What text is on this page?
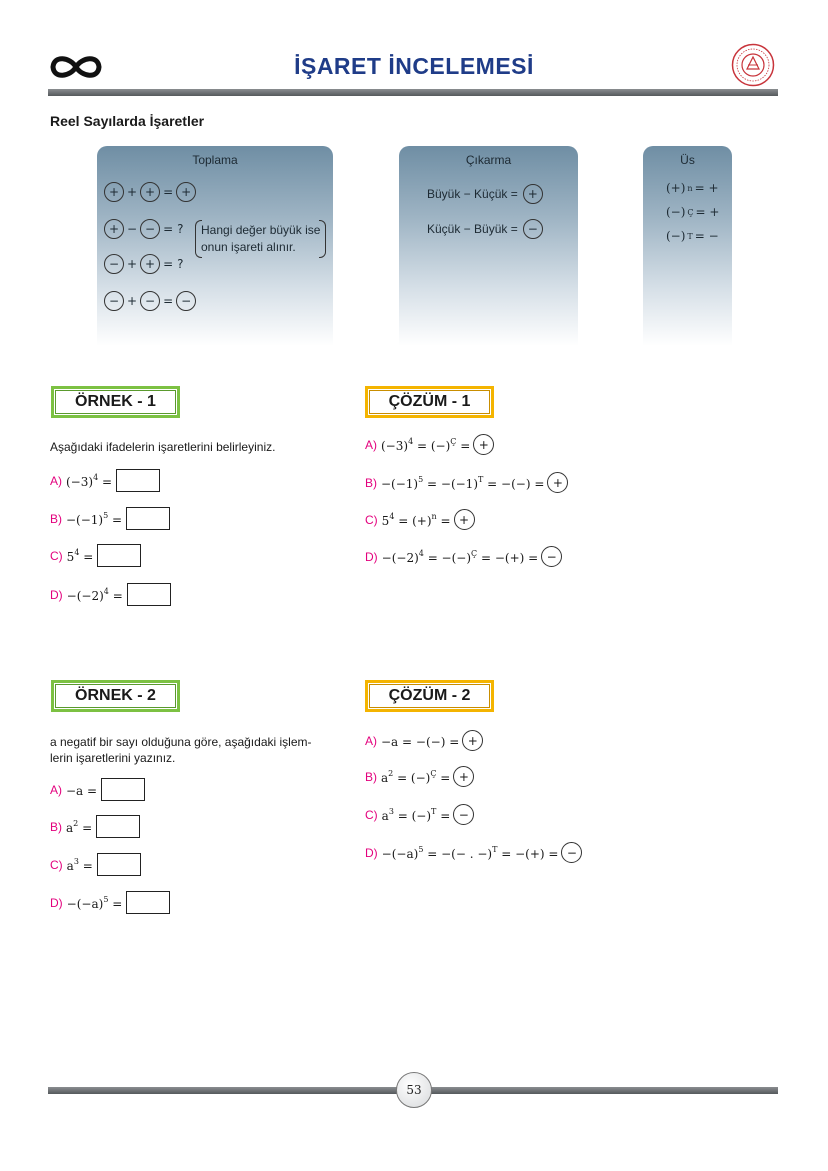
İŞARET İNCELEMESİ
Reel Sayılarda İşaretler
Toplama
+ + + = +
+ − − = ?
− + + = ?
− + − = −
Hangi değer büyük ise
onun işareti alınır.
Çıkarma
Büyük − Küçük = +
Küçük − Büyük = −
Üs
(+) n = +
(−) Ç = +
(−) T = −
ÖRNEK - 1
Aşağıdaki ifadelerin işaretlerini belirleyiniz.
A) $(-3)^4$ =
$B) -(-1)^5$ =
C) $5^4$ =
$D) -(-2)^4$ =
ÇÖZÜM - 1
A) $(-3)^4 = (-)^Ç$ = +
$B) -(-1)^5 = -(-1)^T$ = −(−) = +
C) $5^4 = (+)^n$ = +
$D) -(-2)^4 = -(-)^Ç$ = −(+) = −
ÖRNEK - 2
a negatif bir sayı olduğuna göre, aşağıdaki işlem-
lerin işaretlerini yazınız.
A) −a =
B) $a^2$ =
C) $a^3$ =
$D) -(-a)^5$ =
ÇÖZÜM - 2
A) −a = −(−) = +
B) $a^2 = (-)^Ç$ = +
C) $a^3 = (-)^T$ = −
$D) -(-a)^5$ = −(− . −)$^T$ = −(+) = −
53
